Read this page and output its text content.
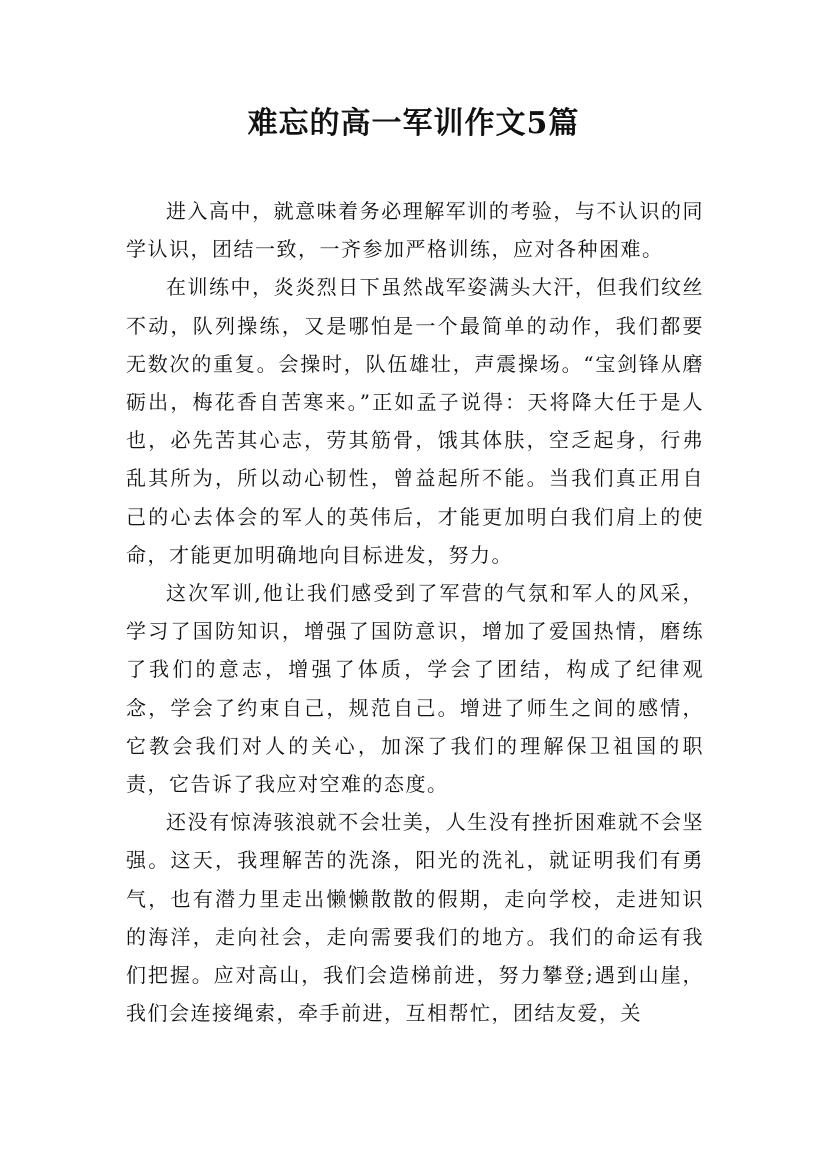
难忘的高一军训作文5篇

进入高中，就意味着务必理解军训的考验，与不认识的同学认识，团结一致，一齐参加严格训练，应对各种困难。

在训练中，炎炎烈日下虽然战军姿满头大汗，但我们纹丝不动，队列操练，又是哪怕是一个最简单的动作，我们都要无数次的重复。会操时，队伍雄壮，声震操场。“宝剑锋从磨砺出，梅花香自苦寒来。”正如孟子说得：天将降大任于是人也，必先苦其心志，劳其筋骨，饿其体肤，空乏起身，行弗乱其所为，所以动心韧性，曾益起所不能。当我们真正用自己的心去体会的军人的英伟后，才能更加明白我们肩上的使命，才能更加明确地向目标进发，努力。

这次军训,他让我们感受到了军营的气氛和军人的风采，学习了国防知识，增强了国防意识，增加了爱国热情，磨练了我们的意志，增强了体质，学会了团结，构成了纪律观念，学会了约束自己，规范自己。增进了师生之间的感情，它教会我们对人的关心，加深了我们的理解保卫祖国的职责，它告诉了我应对空难的态度。

还没有惊涛骇浪就不会壮美，人生没有挫折困难就不会坚强。这天，我理解苦的洗涤，阳光的洗礼，就证明我们有勇气，也有潜力里走出懒懒散散的假期，走向学校，走进知识的海洋，走向社会，走向需要我们的地方。我们的命运有我们把握。应对高山，我们会造梯前进，努力攀登;遇到山崖，我们会连接绳索，牵手前进，互相帮忙，团结友爱，关
